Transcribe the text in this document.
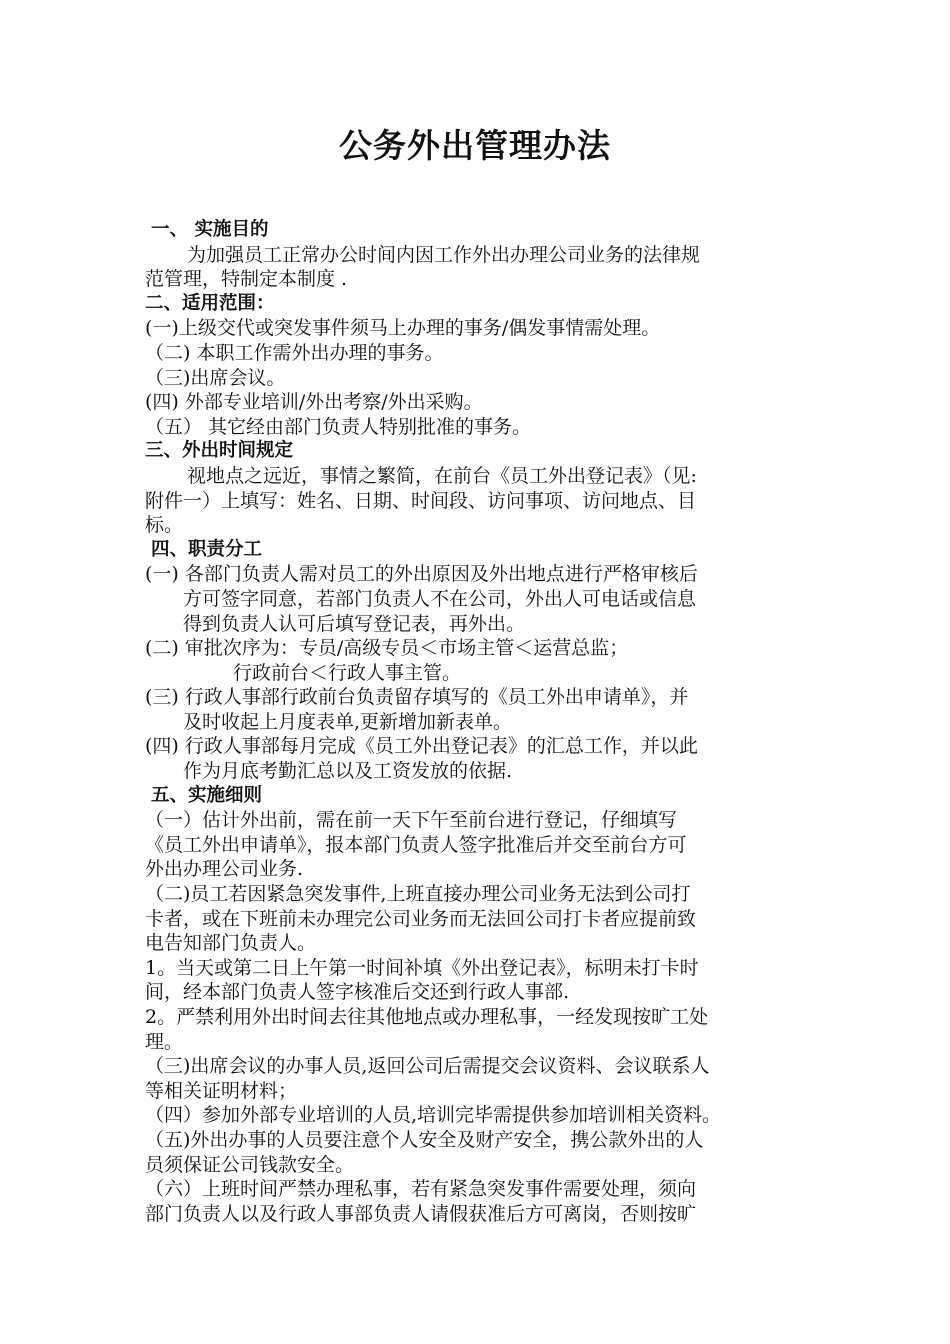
公务外出管理办法
一、 实施目的
为加强员工正常办公时间内因工作外出办理公司业务的法律规
范管理，特制定本制度 .
二、适用范围：
(一)上级交代或突发事件须马上办理的事务/偶发事情需处理。
（二) 本职工作需外出办理的事务。
（三)出席会议。
(四) 外部专业培训/外出考察/外出采购。
（五） 其它经由部门负责人特别批准的事务。
三、外出时间规定
视地点之远近，事情之繁简，在前台《员工外出登记表》（见:
附件一）上填写：姓名、日期、时间段、访问事项、访问地点、目
标。
四、职责分工
(一) 各部门负责人需对员工的外出原因及外出地点进行严格审核后
方可签字同意，若部门负责人不在公司，外出人可电话或信息
得到负责人认可后填写登记表，再外出。
(二) 审批次序为：专员/高级专员＜市场主管＜运营总监；
行政前台＜行政人事主管。
(三) 行政人事部行政前台负责留存填写的《员工外出申请单》，并
及时收起上月度表单,更新增加新表单。
(四) 行政人事部每月完成《员工外出登记表》的汇总工作，并以此
作为月底考勤汇总以及工资发放的依据.
五、实施细则
（一）估计外出前，需在前一天下午至前台进行登记，仔细填写
《员工外出申请单》，报本部门负责人签字批准后并交至前台方可
外出办理公司业务.
（二)员工若因紧急突发事件,上班直接办理公司业务无法到公司打
卡者，或在下班前未办理完公司业务而无法回公司打卡者应提前致
电告知部门负责人。
1。当天或第二日上午第一时间补填《外出登记表》，标明未打卡时
间，经本部门负责人签字核准后交还到行政人事部.
2。严禁利用外出时间去往其他地点或办理私事，一经发现按旷工处
理。
（三)出席会议的办事人员,返回公司后需提交会议资料、会议联系人
等相关证明材料；
（四）参加外部专业培训的人员,培训完毕需提供参加培训相关资料。
（五)外出办事的人员要注意个人安全及财产安全，携公款外出的人
员须保证公司钱款安全。
（六）上班时间严禁办理私事，若有紧急突发事件需要处理，须向
部门负责人以及行政人事部负责人请假获准后方可离岗，否则按旷
